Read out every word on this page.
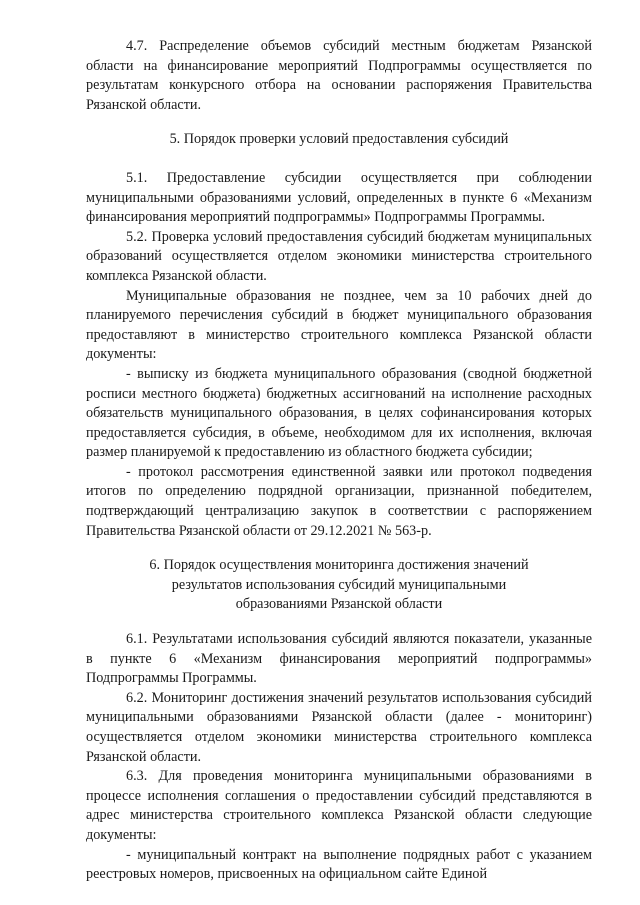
4.7. Распределение объемов субсидий местным бюджетам Рязанской области на финансирование мероприятий Подпрограммы осуществляется по результатам конкурсного отбора на основании распоряжения Правительства Рязанской области.

5. Порядок проверки условий предоставления субсидий

5.1. Предоставление субсидии осуществляется при соблюдении муниципальными образованиями условий, определенных в пункте 6 «Механизм финансирования мероприятий подпрограммы» Подпрограммы Программы.

5.2. Проверка условий предоставления субсидий бюджетам муниципальных образований осуществляется отделом экономики министерства строительного комплекса Рязанской области.

Муниципальные образования не позднее, чем за 10 рабочих дней до планируемого перечисления субсидий в бюджет муниципального образования предоставляют в министерство строительного комплекса Рязанской области документы:

- выписку из бюджета муниципального образования (сводной бюджетной росписи местного бюджета) бюджетных ассигнований на исполнение расходных обязательств муниципального образования, в целях софинансирования которых предоставляется субсидия, в объеме, необходимом для их исполнения, включая размер планируемой к предоставлению из областного бюджета субсидии;

- протокол рассмотрения единственной заявки или протокол подведения итогов по определению подрядной организации, признанной победителем, подтверждающий централизацию закупок в соответствии с распоряжением Правительства Рязанской области от 29.12.2021 № 563-р.

6. Порядок осуществления мониторинга достижения значений
результатов использования субсидий муниципальными
образованиями Рязанской области

6.1. Результатами использования субсидий являются показатели, указанные в пункте 6 «Механизм финансирования мероприятий подпрограммы» Подпрограммы Программы.

6.2. Мониторинг достижения значений результатов использования субсидий муниципальными образованиями Рязанской области (далее - мониторинг) осуществляется отделом экономики министерства строительного комплекса Рязанской области.

6.3. Для проведения мониторинга муниципальными образованиями в процессе исполнения соглашения о предоставлении субсидий представляются в адрес министерства строительного комплекса Рязанской области следующие документы:

- муниципальный контракт на выполнение подрядных работ с указанием реестровых номеров, присвоенных на официальном сайте Единой
